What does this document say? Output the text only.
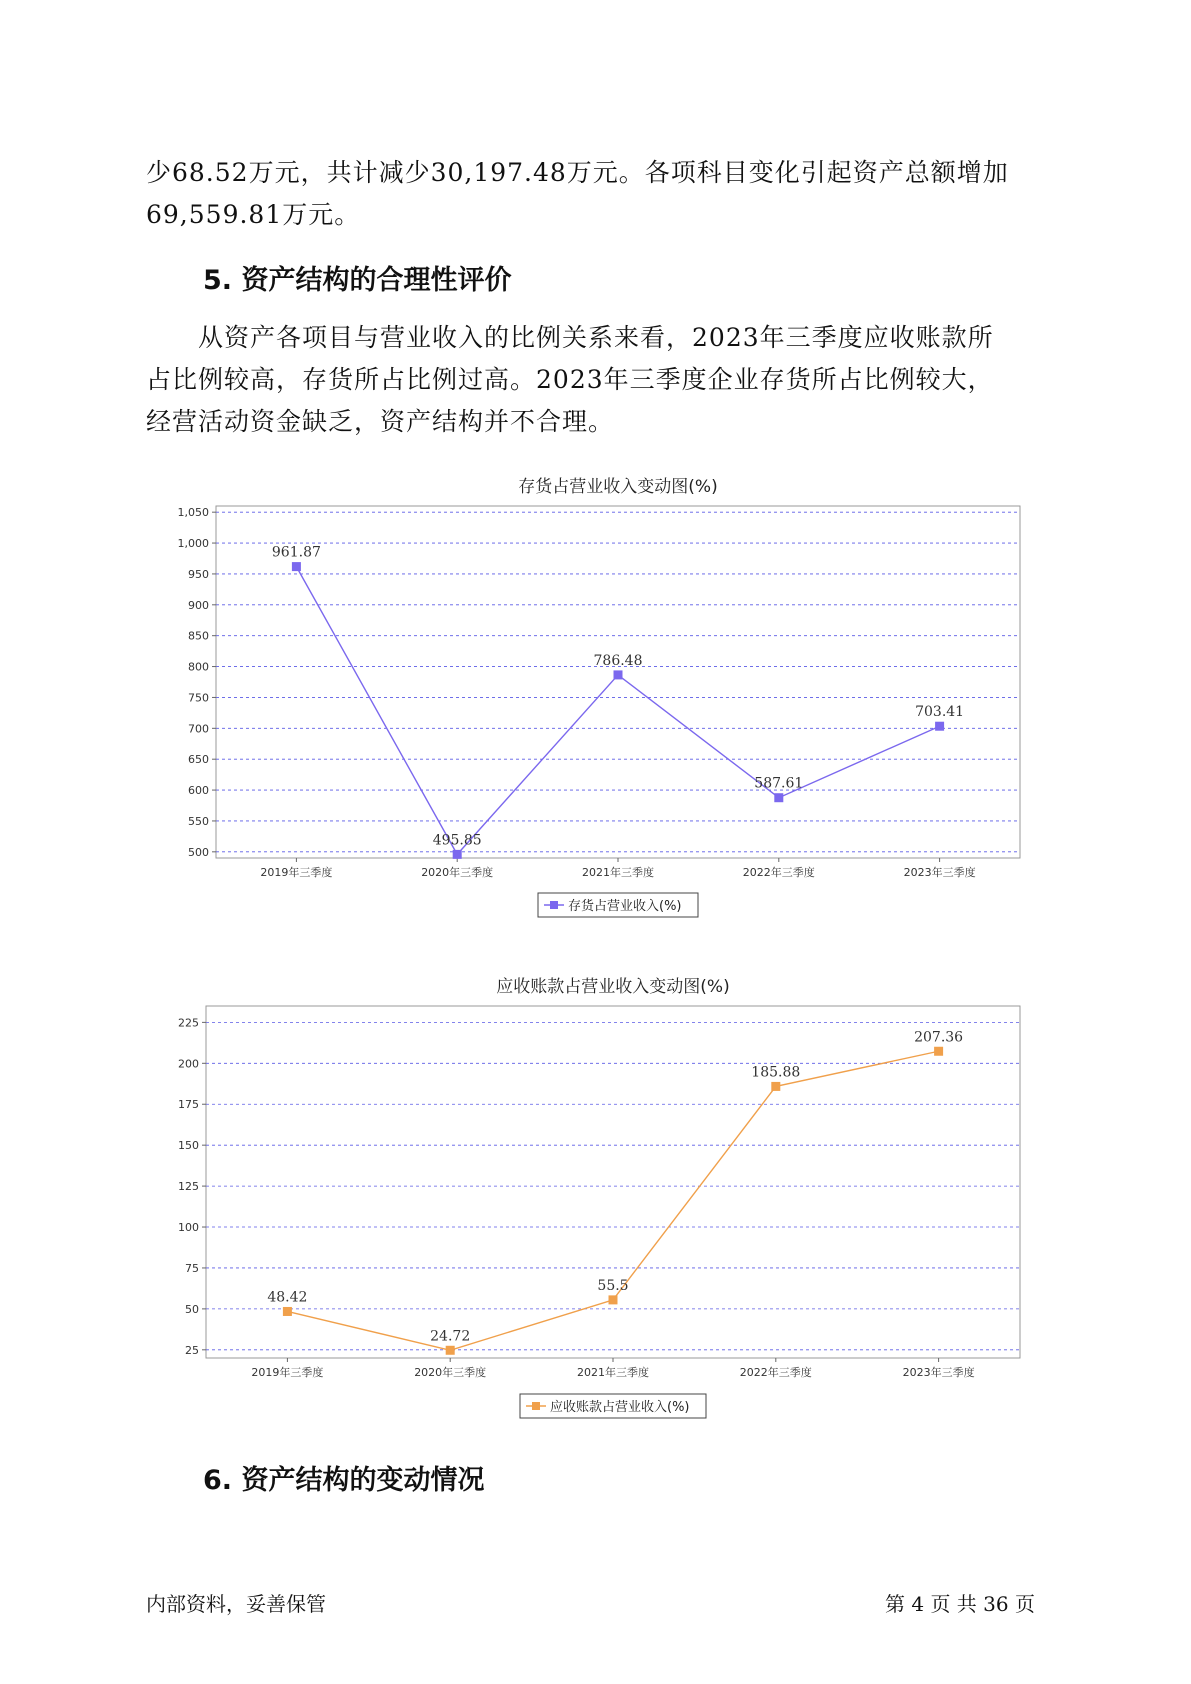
少68.52万元，共计减少30,197.48万元。各项科目变化引起资产总额增加

69,559.81万元。

5. 资产结构的合理性评价

　　从资产各项目与营业收入的比例关系来看，2023年三季度应收账款所

占比例较高，存货所占比例过高。2023年三季度企业存货所占比例较大，

经营活动资金缺乏，资产结构并不合理。

存货占营业收入变动图(%)
500
550
600
650
700
750
800
850
900
950
1,000
1,050
2019年三季度	2020年三季度	2021年三季度	2022年三季度	2023年三季度
961.87
495.85
786.48
587.61
703.41
存货占营业收入(%)
应收账款占营业收入变动图(%)
25
50
75
100
125
150
175
200
225
2019年三季度	2020年三季度	2021年三季度	2022年三季度	2023年三季度
48.42
24.72
55.5
185.88
207.36
应收账款占营业收入(%)
6. 资产结构的变动情况
内部资料，妥善保管	第 4 页 共 36 页
